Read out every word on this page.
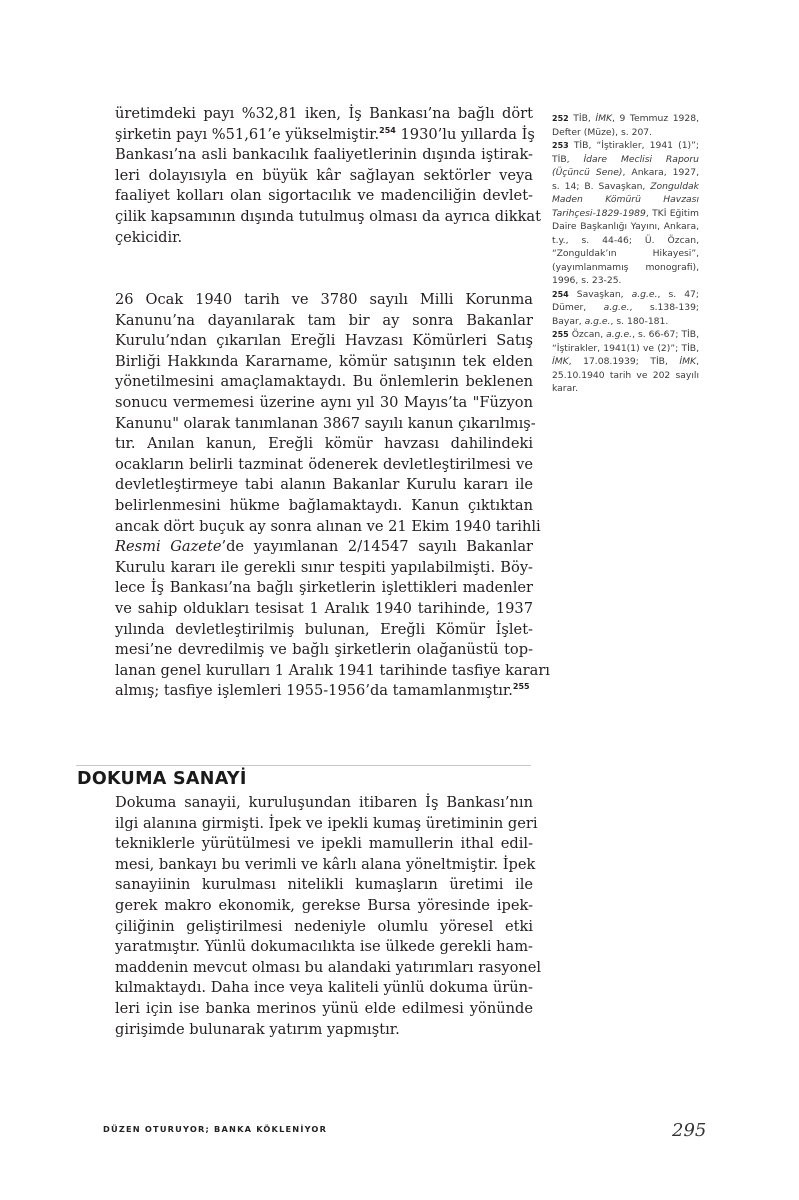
üretimdeki payı %32,81 iken, İş Bankası’na bağlı dört
şirketin payı %51,61’e yükselmiştir.$^{254}$ 1930’lu yıllarda İş
Bankası’na asli bankacılık faaliyetlerinin dışında iştirak-
leri dolayısıyla en büyük kâr sağlayan sektörler veya
faaliyet kolları olan sigortacılık ve madenciliğin devlet-
çilik kapsamının dışında tutulmuş olması da ayrıca dikkat
çekicidir.
26 Ocak 1940 tarih ve 3780 sayılı Milli Korunma
Kanunu’na dayanılarak tam bir ay sonra Bakanlar
Kurulu’ndan çıkarılan Ereğli Havzası Kömürleri Satış
Birliği Hakkında Kararname, kömür satışının tek elden
yönetilmesini amaçlamaktaydı. Bu önlemlerin beklenen
sonucu vermemesi üzerine aynı yıl 30 Mayıs’ta "Füzyon
Kanunu" olarak tanımlanan 3867 sayılı kanun çıkarılmış-
tır. Anılan kanun, Ereğli kömür havzası dahilindeki
ocakların belirli tazminat ödenerek devletleştirilmesi ve
devletleştirmeye tabi alanın Bakanlar Kurulu kararı ile
belirlenmesini hükme bağlamaktaydı. Kanun çıktıktan
ancak dört buçuk ay sonra alınan ve 21 Ekim 1940 tarihli
Resmi Gazete’de yayımlanan 2/14547 sayılı Bakanlar
Kurulu kararı ile gerekli sınır tespiti yapılabilmişti. Böy-
lece İş Bankası’na bağlı şirketlerin işlettikleri madenler
ve sahip oldukları tesisat 1 Aralık 1940 tarihinde, 1937
yılında devletleştirilmiş bulunan, Ereğli Kömür İşlet-
mesi’ne devredilmiş ve bağlı şirketlerin olağanüstü top-
lanan genel kurulları 1 Aralık 1941 tarihinde tasfiye kararı
almış; tasfiye işlemleri 1955-1956’da tamamlanmıştır.$^{255}$
DOKUMA SANAYİ
Dokuma sanayii, kuruluşundan itibaren İş Bankası’nın
ilgi alanına girmişti. İpek ve ipekli kumaş üretiminin geri
tekniklerle yürütülmesi ve ipekli mamullerin ithal edil-
mesi, bankayı bu verimli ve kârlı alana yöneltmiştir. İpek
sanayiinin kurulması nitelikli kumaşların üretimi ile
gerek makro ekonomik, gerekse Bursa yöresinde ipek-
çiliğinin geliştirilmesi nedeniyle olumlu yöresel etki
yaratmıştır. Yünlü dokumacılıkta ise ülkede gerekli ham-
maddenin mevcut olması bu alandaki yatırımları rasyonel
kılmaktaydı. Daha ince veya kaliteli yünlü dokuma ürün-
leri için ise banka merinos yünü elde edilmesi yönünde
girişimde bulunarak yatırım yapmıştır.

252 TİB, İMK, 9 Temmuz 1928, Defter (Müze), s. 207.

253 TİB, “İştirakler, 1941 (1)”; TİB, İdare Meclisi Raporu (Üçüncü Sene), Ankara, 1927, s. 14; B. Savaşkan, Zonguldak Maden Kömürü Havzası Tarihçesi-1829-1989, TKİ Eğitim Daire Başkanlığı Yayını, Ankara, t.y., s. 44-46; Ü. Özcan, “Zonguldak’ın Hikayesi”, (yayımlanmamış monografi), 1996, s. 23-25.

254 Savaşkan, a.g.e., s. 47; Dümer, a.g.e., s.138-139; Bayar, a.g.e., s. 180-181.

255 Özcan, a.g.e., s. 66-67; TİB, “İştirakler, 1941(1) ve (2)”; TİB, İMK, 17.08.1939; TİB, İMK, 25.10.1940 tarih ve 202 sayılı karar.

DÜZEN OTURUYOR; BANKA KÖKLENİYOR	295
